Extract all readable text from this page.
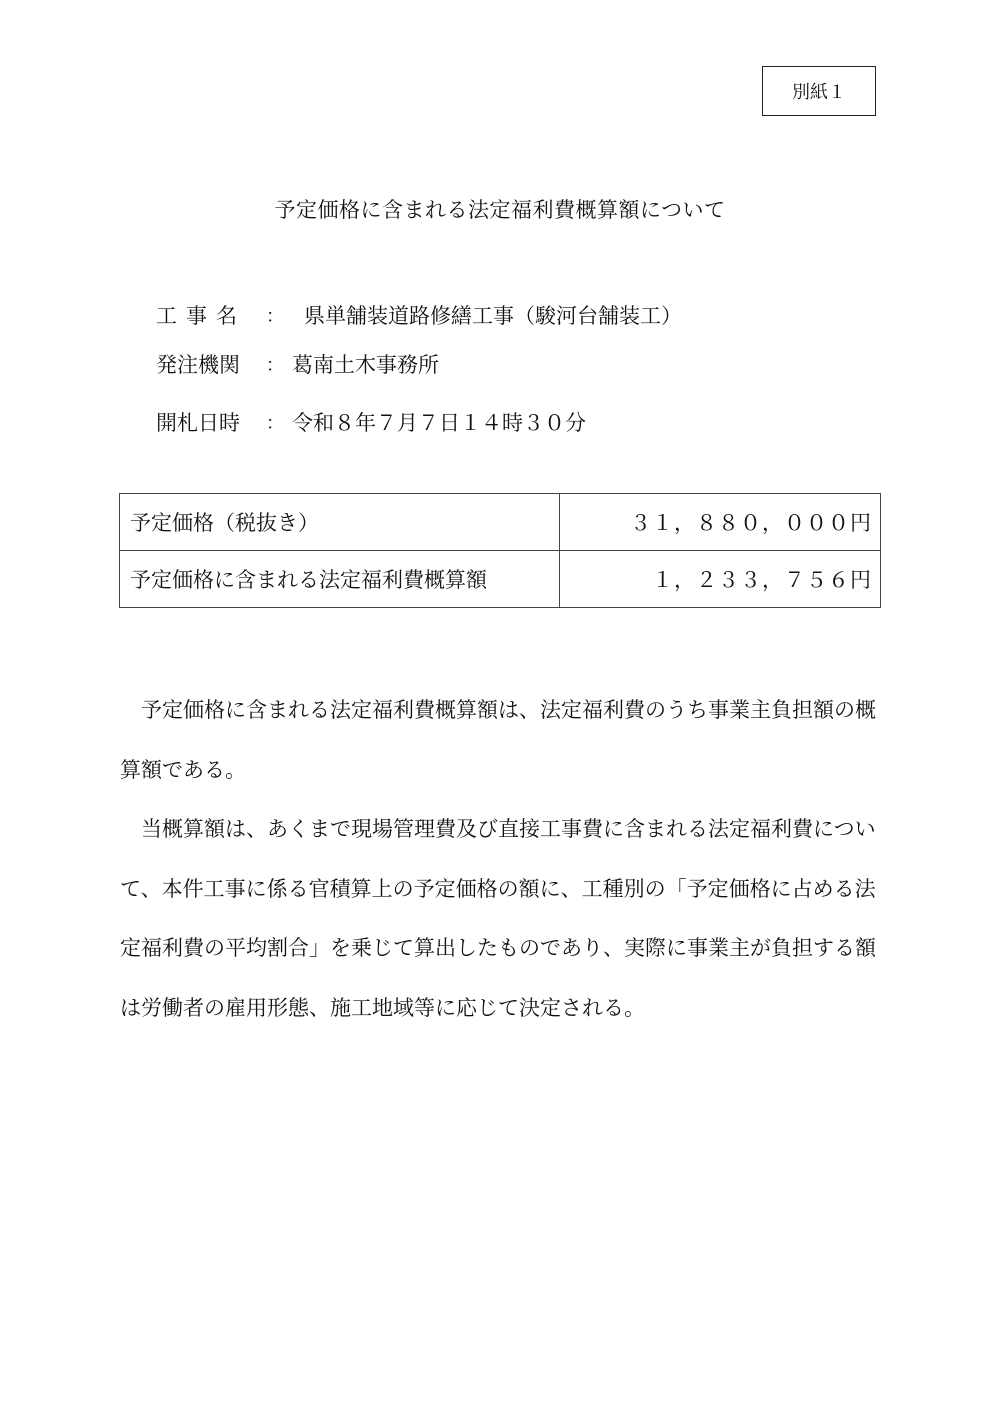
別紙１
予定価格に含まれる法定福利費概算額について
工事名	： 県単舗装道路修繕工事（駿河台舗装工）
発注機関	： 葛南土木事務所
開札日時	： 令和８年７月７日１４時３０分
予定価格（税抜き）	３１，８８０，０００円
予定価格に含まれる法定福利費概算額	１，２３３，７５６円

予定価格に含まれる法定福利費概算額は、法定福利費のうち事業主負担額の概算額である。

当概算額は、あくまで現場管理費及び直接工事費に含まれる法定福利費について、本件工事に係る官積算上の予定価格の額に、工種別の「予定価格に占める法定福利費の平均割合」を乗じて算出したものであり、実際に事業主が負担する額は労働者の雇用形態、施工地域等に応じて決定される。
